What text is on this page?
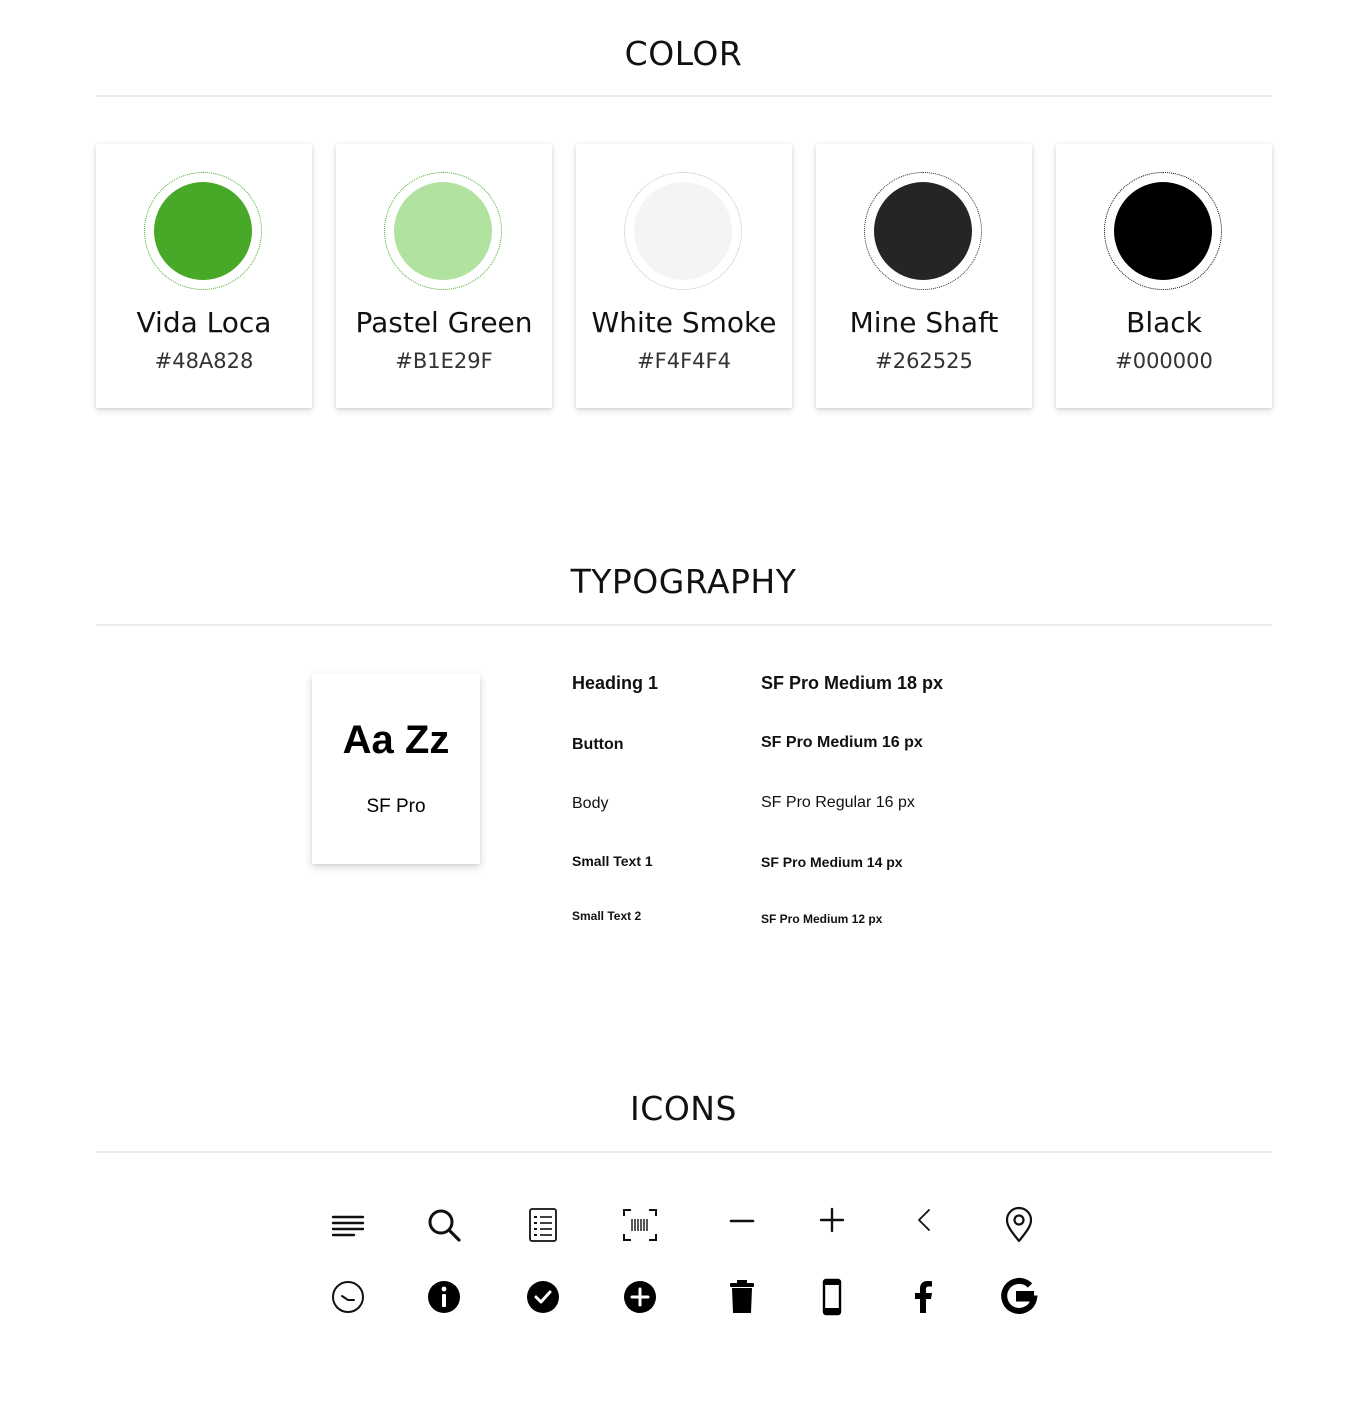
COLOR
Vida Loca
#48A828
Pastel Green
#B1E29F
White Smoke
#F4F4F4
Mine Shaft
#262525
Black
#000000
TYPOGRAPHY
Aa Zz
SF Pro
Heading 1	SF Pro Medium 18 px
Button	SF Pro Medium 16 px
Body	SF Pro Regular 16 px
Small Text 1	SF Pro Medium 14 px
Small Text 2	SF Pro Medium 12 px
ICONS
